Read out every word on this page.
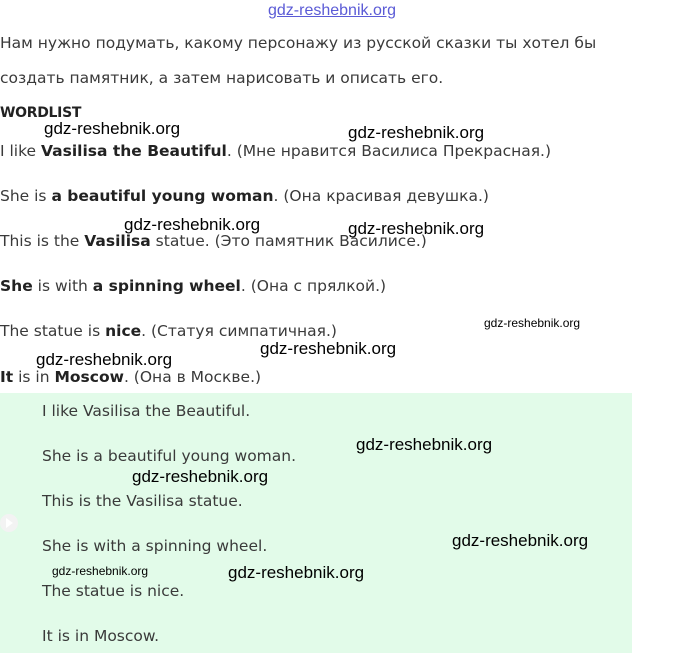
gdz-reshebnik.org
Нам нужно подумать, какому персонажу из русской сказки ты хотел бы
создать памятник, а затем нарисовать и описать его.
WORDLIST
I like Vasilisa the Beautiful. (Мне нравится Василиса Прекрасная.)
She is a beautiful young woman. (Она красивая девушка.)
This is the Vasilisa statue. (Это памятник Василисе.)
She is with a spinning wheel. (Она с прялкой.)
The statue is nice. (Статуя симпатичная.)
It is in Moscow. (Она в Москве.)
I like Vasilisa the Beautiful.
She is a beautiful young woman.
This is the Vasilisa statue.
She is with a spinning wheel.
The statue is nice.
It is in Moscow.
gdz-reshebnik.org	gdz-reshebnik.org
gdz-reshebnik.org	gdz-reshebnik.org
gdz-reshebnik.org
gdz-reshebnik.org
gdz-reshebnik.org
gdz-reshebnik.org
gdz-reshebnik.org
gdz-reshebnik.org
gdz-reshebnik.org	gdz-reshebnik.org
